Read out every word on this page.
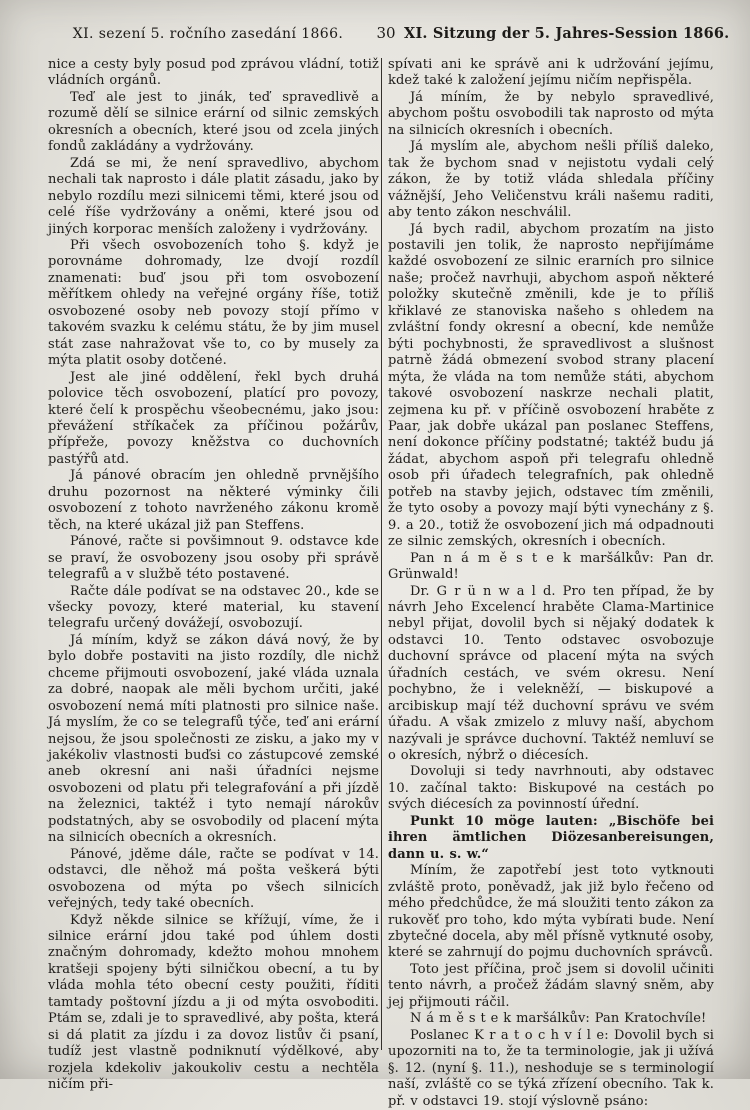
XI. sezení 5. ročního zasedání 1866.	30 XI. Sitzung der 5. Jahres-Session 1866.

nice a cesty byly posud pod zprávou vládní, totiž vládních orgánů.

Teď ale jest to jinák, teď spravedlivě a rozumě dělí se silnice erární od silnic zemských okresních a obecních, které jsou od zcela jiných fondů zakládány a vydržovány.

Zdá se mi, že není spravedlivo, abychom nechali tak naprosto i dále platit zásadu, jako by nebylo rozdílu mezi silnicemi těmi, které jsou od celé říše vydržovány a oněmi, které jsou od jiných korporac menších založeny i vydržovány.

Při všech osvobozeních toho §. když je porovnáme dohromady, lze dvojí rozdíl znamenati: buď jsou při tom osvobození měřítkem ohledy na veřejné orgány říše, totiž osvobozené osoby neb povozy stojí přímo v takovém svazku k celému státu, že by jim musel stát zase nahražovat vše to, co by musely za mýta platit osoby dotčené.

Jest ale jiné oddělení, řekl bych druhá polovice těch osvobození, platící pro povozy, které čelí k prospěchu všeobecnému, jako jsou: převážení stříkaček za příčinou požárův, přípřeže, povozy kněžstva co duchovních pastýřů atd.

Já pánové obracím jen ohledně prvnějšího druhu pozornost na některé výminky čili osvobození z tohoto navrženého zákonu kromě těch, na které ukázal již pan Steffens.

Pánové, račte si povšimnout 9. odstavce kde se praví, že osvobozeny jsou osoby při správě telegrafů a v službě této postavené.

Račte dále podívat se na odstavec 20., kde se všecky povozy, které material, ku stavení telegrafu určený dovážejí, osvobozují.

Já míním, když se zákon dává nový, že by bylo dobře postaviti na jisto rozdíly, dle nichž chceme přijmouti osvobození, jaké vláda uznala za dobré, naopak ale měli bychom určiti, jaké osvobození nemá míti platnosti pro silnice naše. Já myslím, že co se telegrafů týče, teď ani erární nejsou, že jsou společnosti ze zisku, a jako my v jakékoliv vlastnosti buďsi co zástupcové zemské aneb okresní ani naši úřadníci nejsme osvobozeni od platu při telegrafování a při jízdě na železnici, taktéž i tyto nemají nárokův podstatných, aby se osvobodily od placení mýta na silnicích obecních a okresních.

Pánové, jděme dále, račte se podívat v 14. odstavci, dle něhož má pošta veškerá býti osvobozena od mýta po všech silnicích veřejných, tedy také obecních.

Když někde silnice se křížují, víme, že i silnice erární jdou také pod úhlem dosti značným dohromady, kdežto mohou mnohem kratšeji spojeny býti silničkou obecní, a tu by vláda mohla této obecní cesty použiti, říditi tamtady poštovní jízdu a ji od mýta osvoboditi. Ptám se, zdali je to spravedlivé, aby pošta, která si dá platit za jízdu i za dovoz listův či psaní, tudíž jest vlastně podniknutí výdělkové, aby rozjela kdekoliv jakoukoliv cestu a nechtěla ničím při-

spívati ani ke správě ani k udržování jejímu, kdež také k založení jejímu ničím nepřispěla.

Já míním, že by nebylo spravedlivé, abychom poštu osvobodili tak naprosto od mýta na silnicích okresních i obecních.

Já myslím ale, abychom nešli příliš daleko, tak že bychom snad v nejistotu vydali celý zákon, že by totiž vláda shledala příčiny vážnější, Jeho Veličenstvu králi našemu raditi, aby tento zákon neschválil.

Já bych radil, abychom prozatím na jisto postavili jen tolik, že naprosto nepřijímáme každé osvobození ze silnic erarních pro silnice naše; pročež navrhuji, abychom aspoň některé položky skutečně změnili, kde je to příliš křiklavé ze stanoviska našeho s ohledem na zvláštní fondy okresní a obecní, kde nemůže býti pochybnosti, že spravedlivost a slušnost patrně žádá obmezení svobod strany placení mýta, že vláda na tom nemůže státi, abychom takové osvobození naskrze nechali platit, zejmena ku př. v příčině osvobození hraběte z Paar, jak dobře ukázal pan poslanec Steffens, není dokonce příčiny podstatné; taktéž budu já žádat, abychom aspoň při telegrafu ohledně osob při úřadech telegrafních, pak ohledně potřeb na stavby jejich, odstavec tím změnili, že tyto osoby a povozy mají býti vynechány z §. 9. a 20., totiž že osvobození jich má odpadnouti ze silnic zemských, okresních i obecních.

Pan n á m ě s t e k maršálkův: Pan dr. Grünwald!

Dr. G r ü n w a l d. Pro ten případ, že by návrh Jeho Excelencí hraběte Clama-Martinice nebyl přijat, dovolil bych si nějaký dodatek k odstavci 10. Tento odstavec osvobozuje duchovní správce od placení mýta na svých úřadních cestách, ve svém okresu. Není pochybno, že i velekněží, — biskupové a arcibiskup mají též duchovní správu ve svém úřadu. A však zmizelo z mluvy naší, abychom nazývali je správce duchovní. Taktéž nemluví se o okresích, nýbrž o diécesích.

Dovoluji si tedy navrhnouti, aby odstavec 10. začínal takto: Biskupové na cestách po svých diécesích za povinností úřední.

Punkt 10 möge lauten: „Bischöfe bei ihren ämtlichen Diözesanbereisungen, dann u. s. w.“

Míním, že zapotřebí jest toto vytknouti zvláště proto, poněvadž, jak již bylo řečeno od mého předchůdce, že má sloužiti tento zákon za rukověť pro toho, kdo mýta vybírati bude. Není zbytečné docela, aby měl přísně vytknuté osoby, které se zahrnují do pojmu duchovních správců.

Toto jest příčina, proč jsem si dovolil učiniti tento návrh, a pročež žádám slavný sněm, aby jej přijmouti ráčil.

N á m ě s t e k maršálkův: Pan Kratochvíle!

Poslanec K r a t o c h v í l e: Dovolil bych si upozorniti na to, že ta terminologie, jak ji užívá §. 12. (nyní §. 11.), neshoduje se s terminologií naší, zvláště co se týká zřízení obecního. Tak k. př. v odstavci 19. stojí výslovně psáno:
